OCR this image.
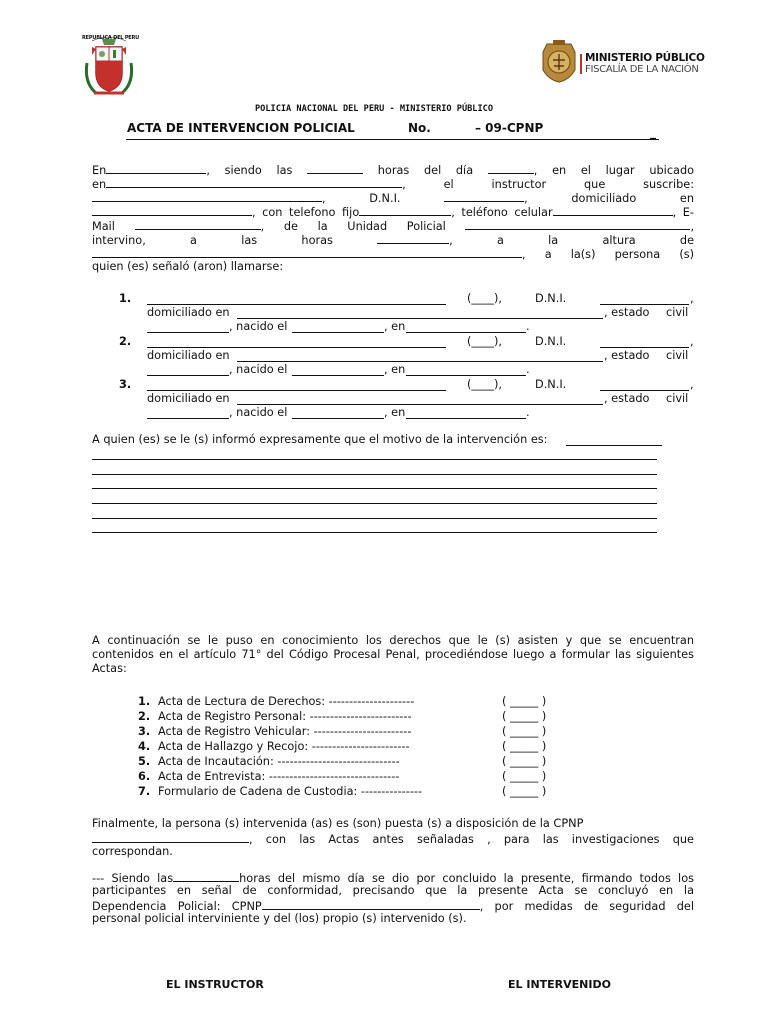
REPUBLICA DEL PERU
MINISTERIO PÚBLICO
FISCALÍA DE LA NACIÓN
POLICIA NACIONAL DEL PERU - MINISTERIO PÚBLICO
ACTA DE INTERVENCION POLICIAL	No.	– 09-CPNP	_
En	, siendo las	horas del día	, en el lugar ubicado
en	,	el	instructor	que	suscribe:
,	D.N.I.	,	domiciliado	en
, con telefono fijo	, teléfono celular	, E-
Mail	, de la Unidad Policial	,
intervino,	a	las	horas	,	a	la	altura	de
, a la(s) persona (s)
quien (es) señaló (aron) llamarse:
1.	(____),	D.N.I.	,
domiciliado en	, estado civil
, nacido el	, en	.
2.	(____),	D.N.I.	,
domiciliado en	, estado civil
, nacido el	, en	.
3.	(____),	D.N.I.	,
domiciliado en	, estado civil
, nacido el	, en	.
A quien (es) se le (s) informó expresamente que el motivo de la intervención es:
A continuación se le puso en conocimiento los derechos que le (s) asisten y que se encuentran
contenidos en el artículo 71° del Código Procesal Penal, procediéndose luego a formular las siguientes
Actas:
1. Acta de Lectura de Derechos: ---------------------	( _____ )
2. Acta de Registro Personal: -------------------------	( _____ )
3. Acta de Registro Vehicular: ------------------------	( _____ )
4. Acta de Hallazgo y Recojo: ------------------------	( _____ )
5. Acta de Incautación: ------------------------------	( _____ )
6. Acta de Entrevista: --------------------------------	( _____ )
7. Formulario de Cadena de Custodia: ---------------	( _____ )
Finalmente, la persona (s) intervenida (as) es (son) puesta (s) a disposición de la CPNP
, con las Actas antes señaladas , para las investigaciones que
correspondan.
--- Siendo las	horas del mismo día se dio por concluido la presente, firmando todos los
participantes en señal de conformidad, precisando que la presente Acta se concluyó en la
Dependencia Policial: CPNP	, por medidas de seguridad del
personal policial interviniente y del (los) propio (s) intervenido (s).
EL INSTRUCTOR	EL INTERVENIDO
